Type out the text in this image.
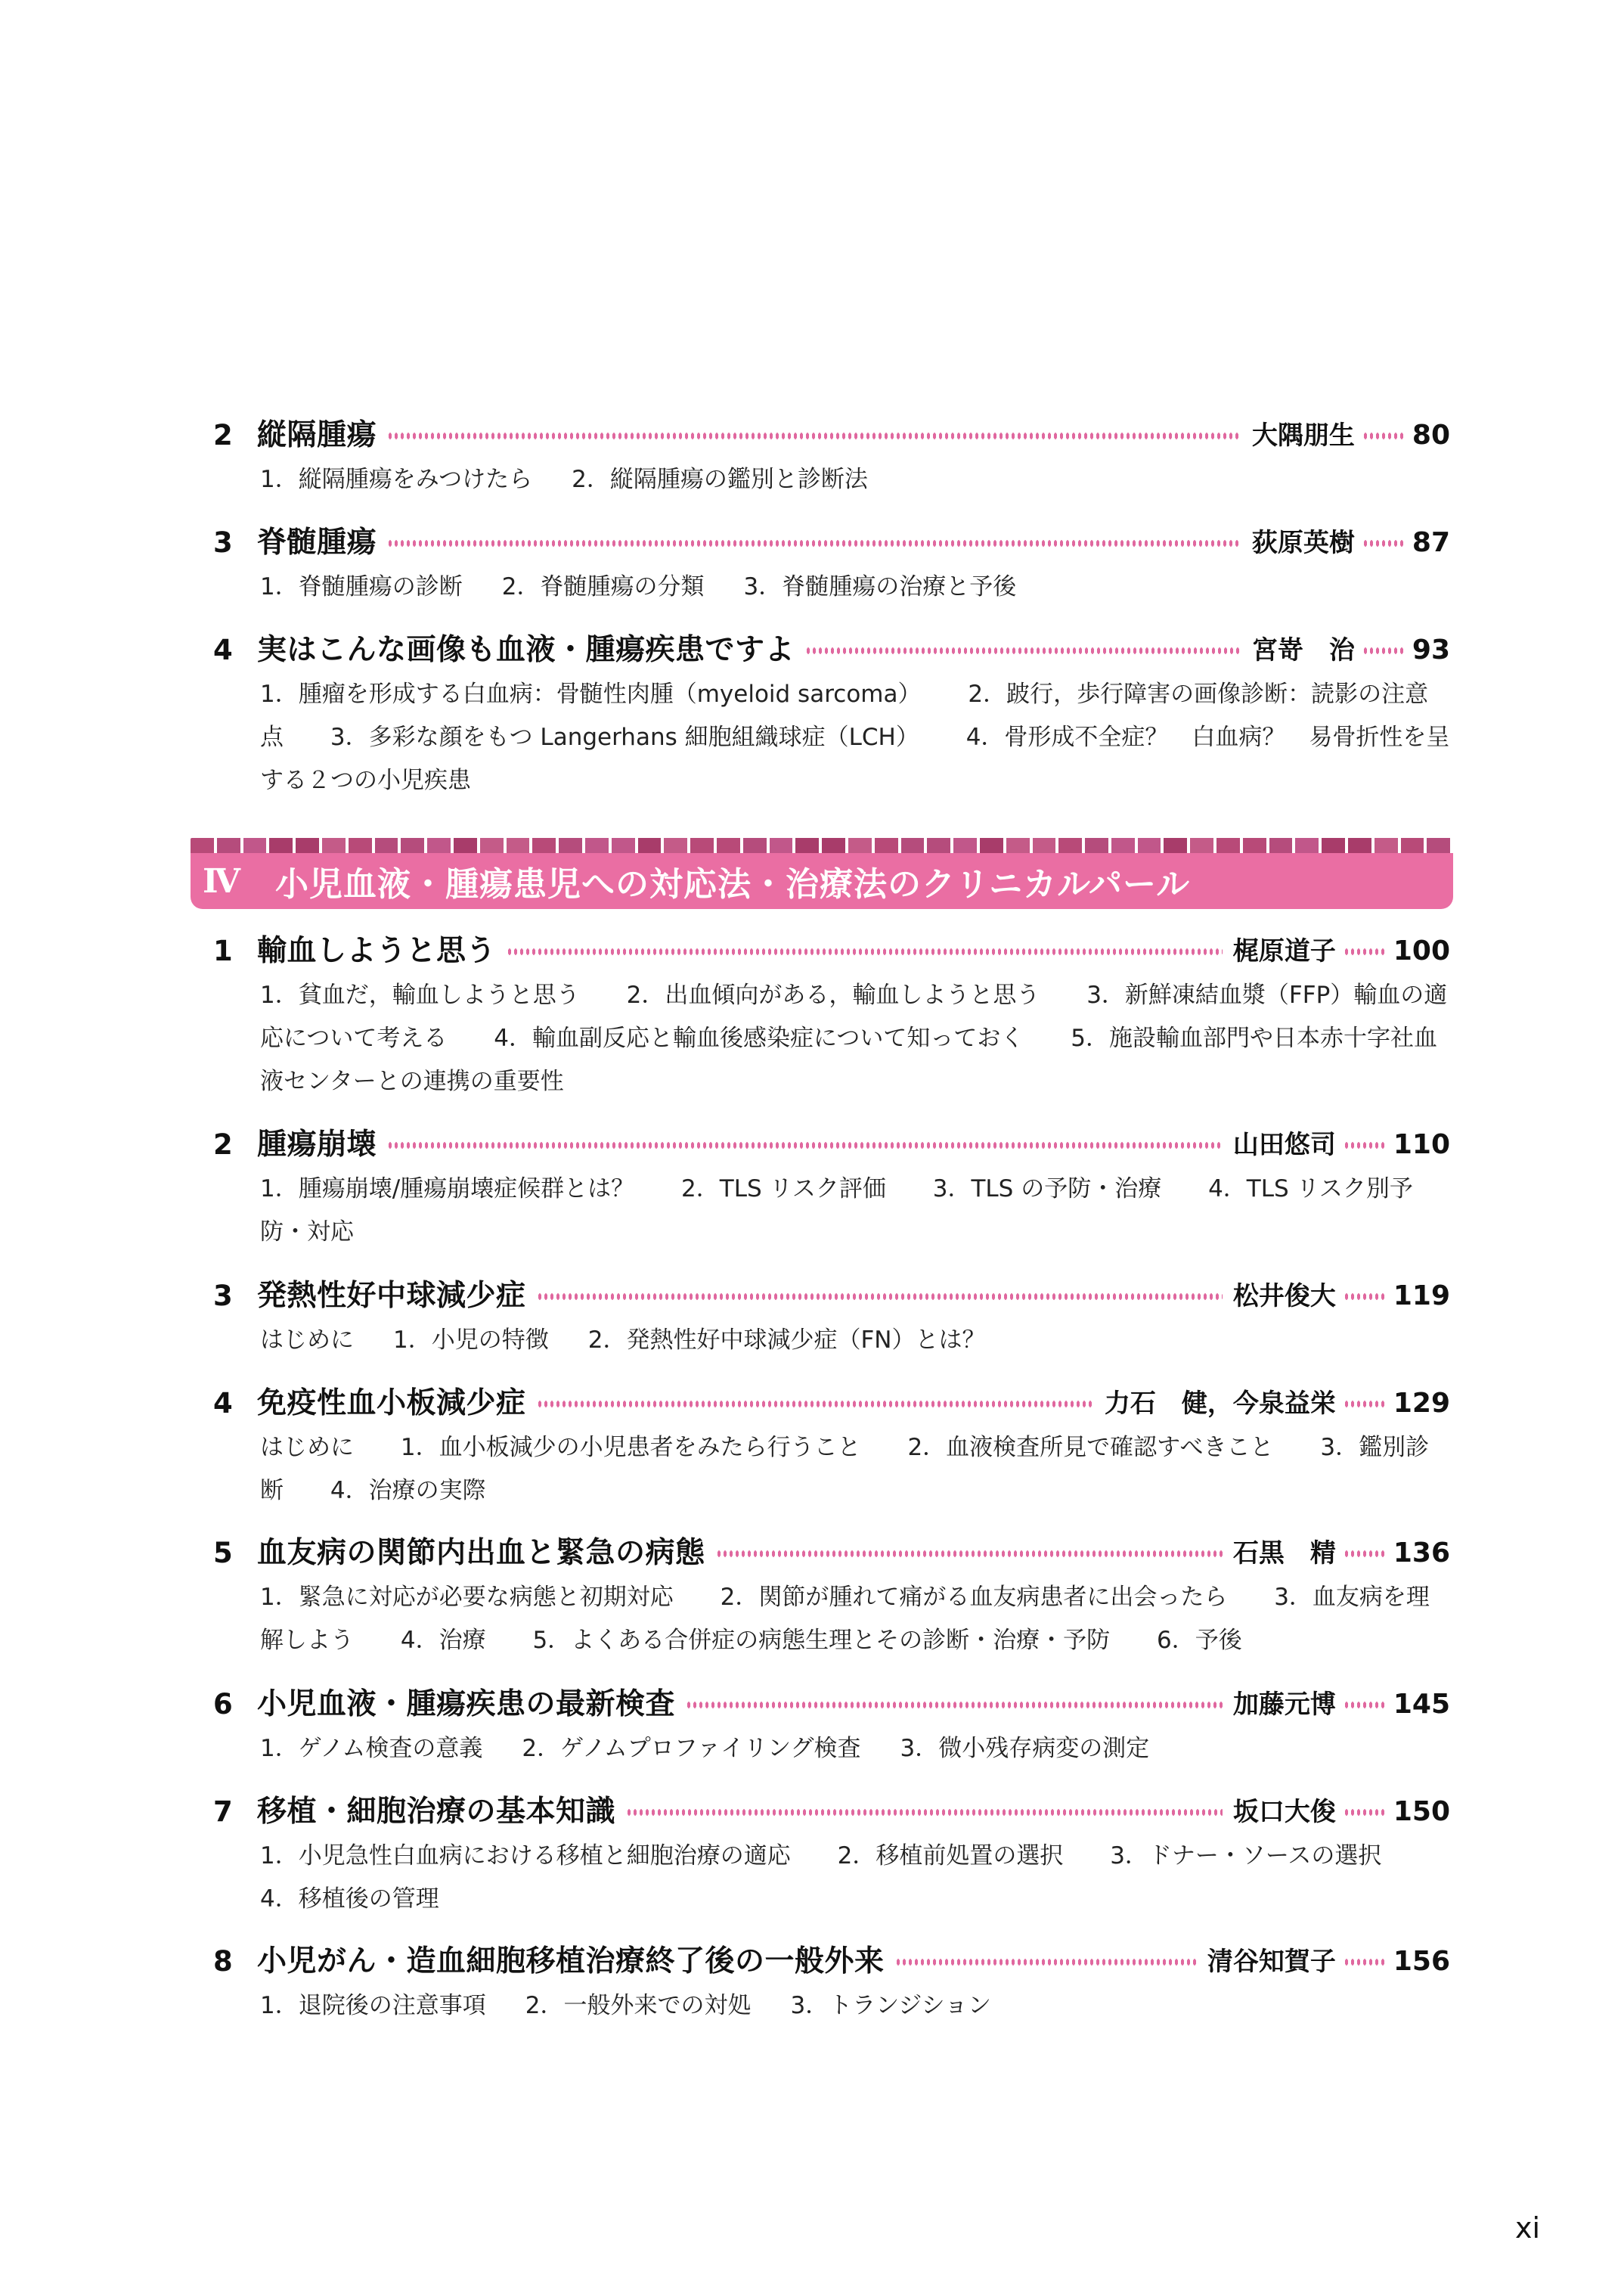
2 縦隔腫瘍	大隅朋生 80
1．縦隔腫瘍をみつけたら 2．縦隔腫瘍の鑑別と診断法
3 脊髄腫瘍	荻原英樹 87
1．脊髄腫瘍の診断 2．脊髄腫瘍の分類 3．脊髄腫瘍の治療と予後
4 実はこんな画像も血液・腫瘍疾患ですよ	宮嵜　治 93
1．腫瘤を形成する白血病：骨髄性肉腫（myeloid sarcoma） 2．跛行，歩行障害の画像診断：読影の注意点 3．多彩な顔をもつ Langerhans 細胞組織球症（LCH） 4．骨形成不全症？　白血病？　易骨折性を呈する２つの小児疾患
1 輸血しようと思う	梶原道子 100
1．貧血だ，輸血しようと思う 2．出血傾向がある，輸血しようと思う 3．新鮮凍結血漿（FFP）輸血の適応について考える 4．輸血副反応と輸血後感染症について知っておく 5．施設輸血部門や日本赤十字社血液センターとの連携の重要性
2 腫瘍崩壊	山田悠司 110
1．腫瘍崩壊/腫瘍崩壊症候群とは？ 2．TLS リスク評価 3．TLS の予防・治療 4．TLS リスク別予防・対応
3 発熱性好中球減少症	松井俊大 119
はじめに 1．小児の特徴 2．発熱性好中球減少症（FN）とは？
4 免疫性血小板減少症	力石　健，今泉益栄 129
はじめに 1．血小板減少の小児患者をみたら行うこと 2．血液検査所見で確認すべきこと 3．鑑別診断 4．治療の実際
5 血友病の関節内出血と緊急の病態	石黒　精 136
1．緊急に対応が必要な病態と初期対応 2．関節が腫れて痛がる血友病患者に出会ったら 3．血友病を理解しよう 4．治療 5．よくある合併症の病態生理とその診断・治療・予防 6．予後
6 小児血液・腫瘍疾患の最新検査	加藤元博 145
1．ゲノム検査の意義 2．ゲノムプロファイリング検査 3．微小残存病変の測定
7 移植・細胞治療の基本知識	坂口大俊 150
1．小児急性白血病における移植と細胞治療の適応 2．移植前処置の選択 3．ドナー・ソースの選択 4．移植後の管理
8 小児がん・造血細胞移植治療終了後の一般外来	清谷知賀子 156
1．退院後の注意事項 2．一般外来での対処 3．トランジション
Ⅳ	小児血液・腫瘍患児への対応法・治療法のクリニカルパール
xi
